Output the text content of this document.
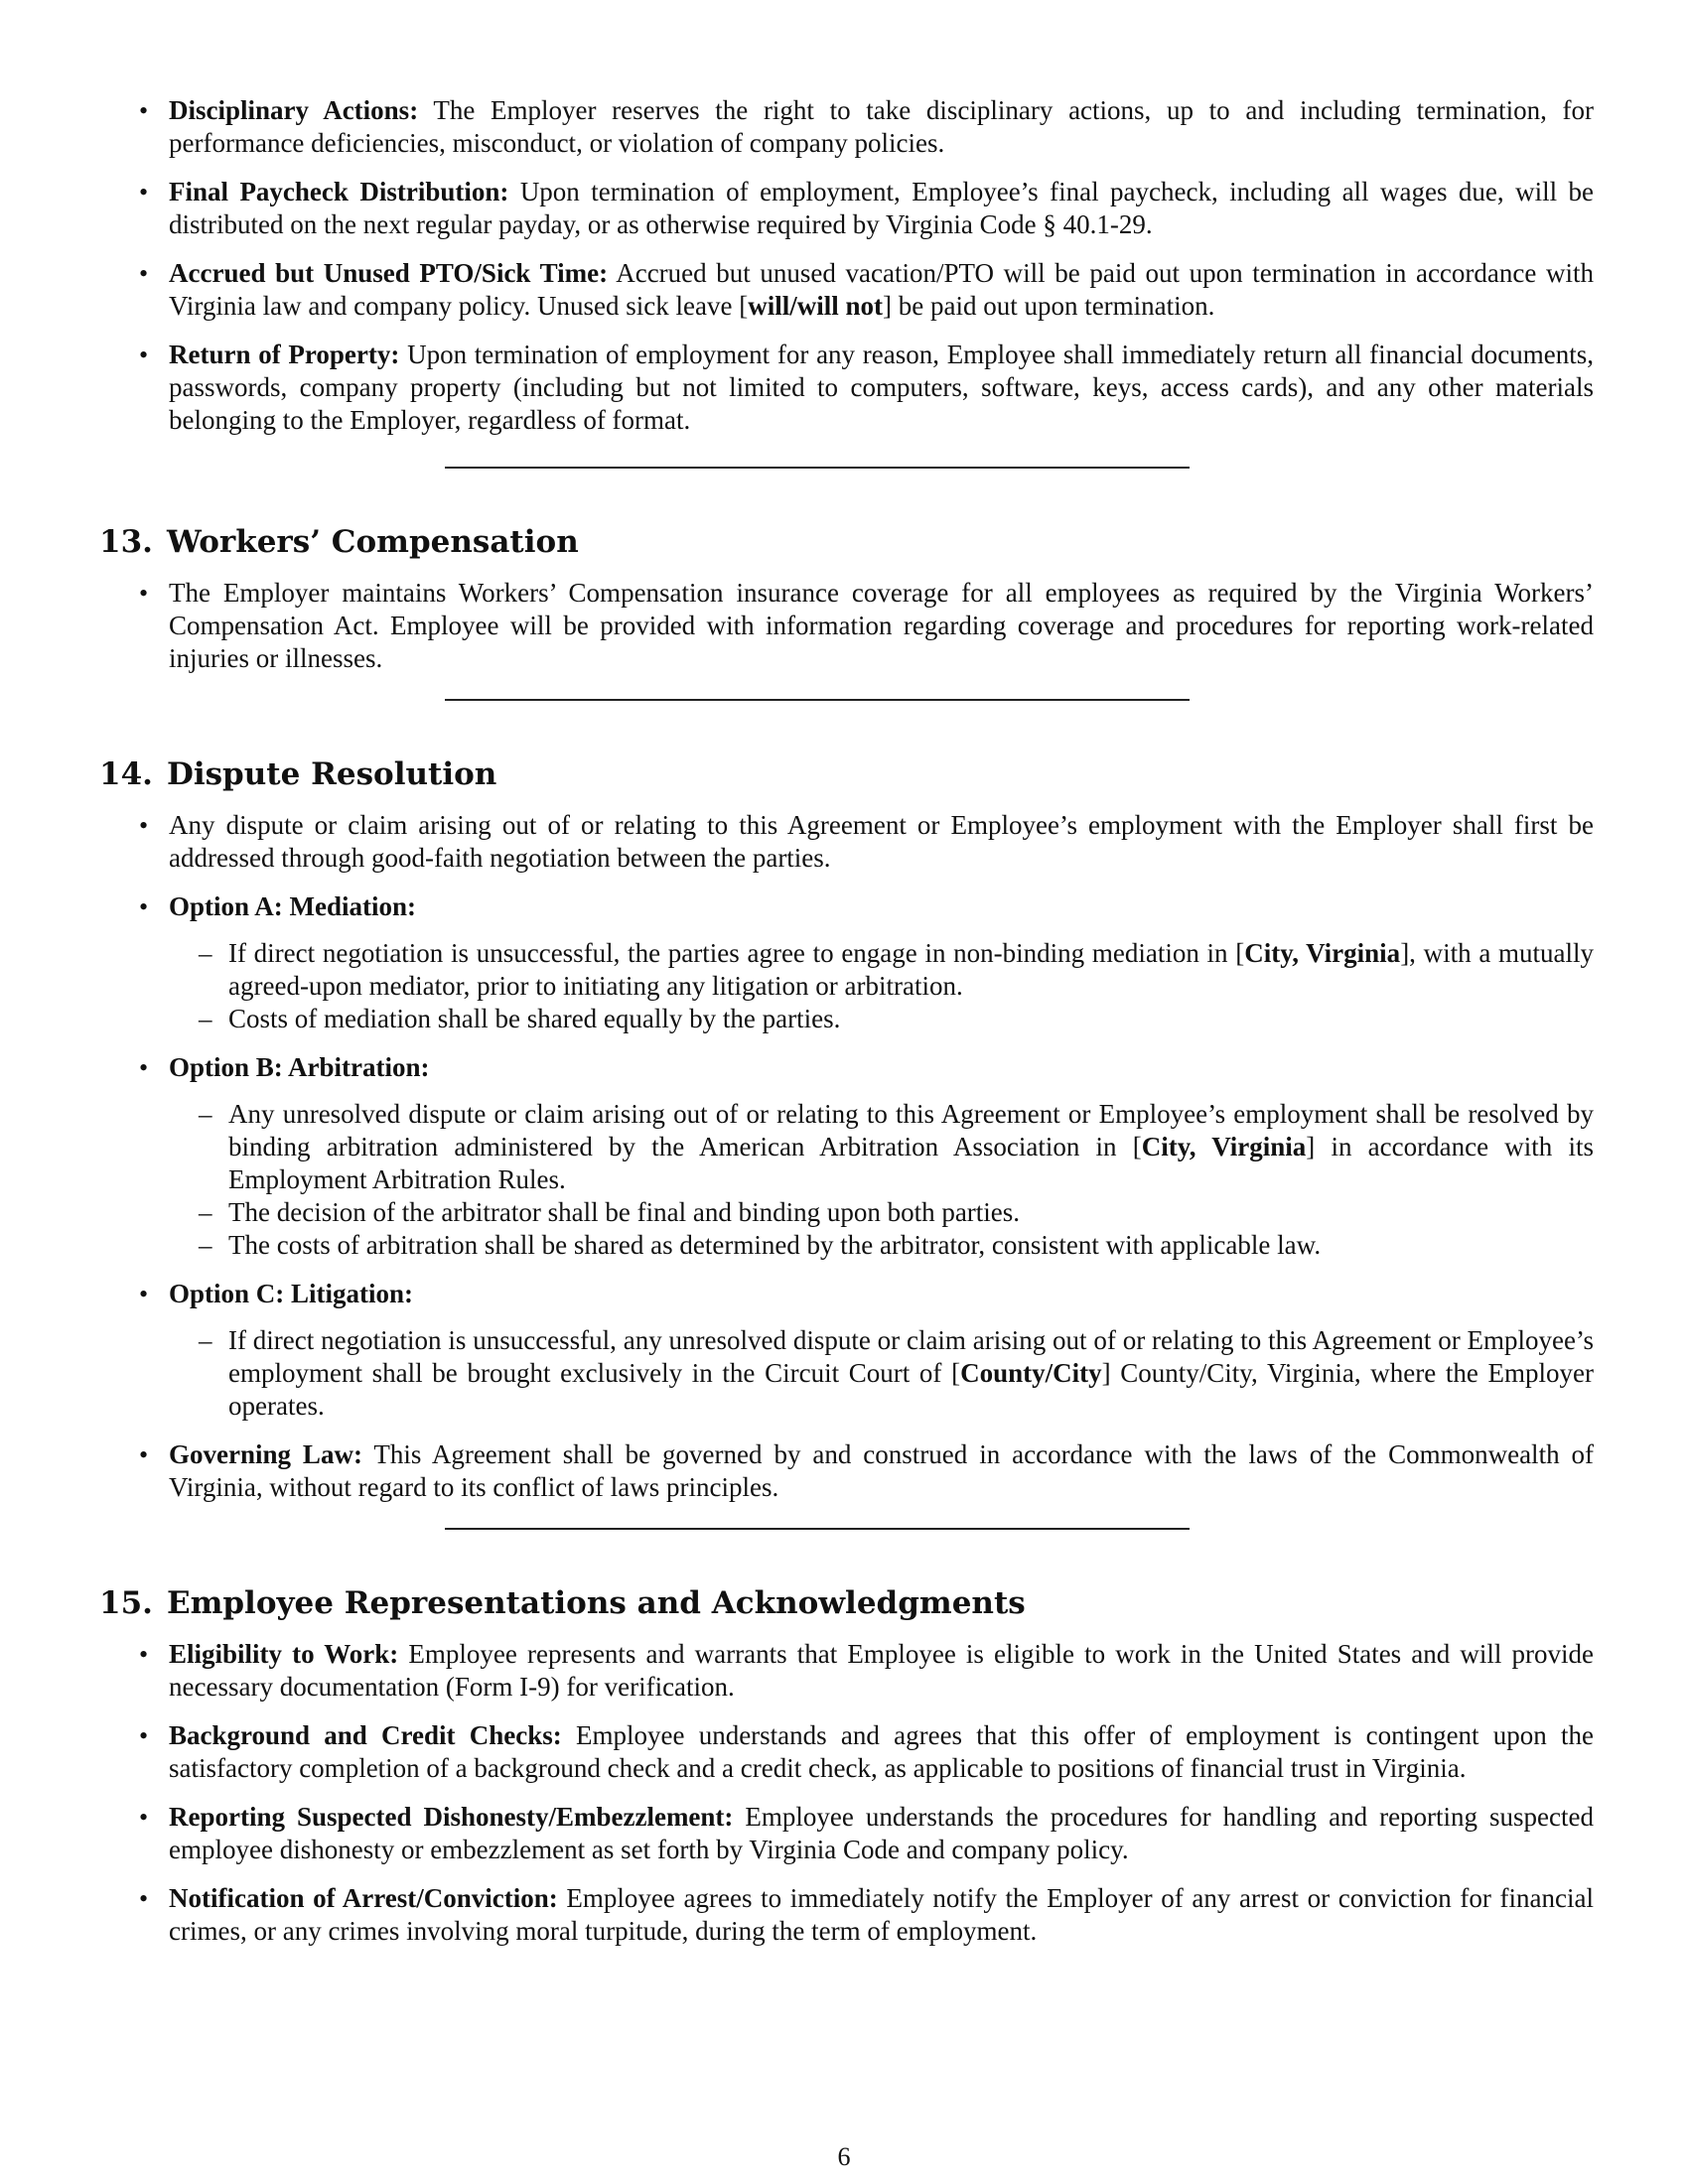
• Disciplinary Actions: The Employer reserves the right to take disciplinary actions, up to and including termination, for performance deficiencies, misconduct, or violation of company policies.
• Final Paycheck Distribution: Upon termination of employment, Employee’s final paycheck, including all wages due, will be distributed on the next regular payday, or as otherwise required by Virginia Code § 40.1-29.
• Accrued but Unused PTO/Sick Time: Accrued but unused vacation/PTO will be paid out upon termination in accordance with Virginia law and company policy. Unused sick leave [will/will not] be paid out upon termination.
• Return of Property: Upon termination of employment for any reason, Employee shall immediately return all financial documents, passwords, company property (including but not limited to computers, software, keys, access cards), and any other materials belonging to the Employer, regardless of format.
13. Workers’ Compensation
• The Employer maintains Workers’ Compensation insurance coverage for all employees as required by the Virginia Workers’ Compensation Act. Employee will be provided with information regarding coverage and procedures for reporting work-related injuries or illnesses.
14. Dispute Resolution
• Any dispute or claim arising out of or relating to this Agreement or Employee’s employment with the Employer shall first be addressed through good-faith negotiation between the parties.
• Option A: Mediation:
– If direct negotiation is unsuccessful, the parties agree to engage in non-binding mediation in [City, Virginia], with a mutually agreed-upon mediator, prior to initiating any litigation or arbitration.
– Costs of mediation shall be shared equally by the parties.
• Option B: Arbitration:
– Any unresolved dispute or claim arising out of or relating to this Agreement or Employee’s employment shall be resolved by binding arbitration administered by the American Arbitration Association in [City, Virginia] in accordance with its Employment Arbitration Rules.
– The decision of the arbitrator shall be final and binding upon both parties.
– The costs of arbitration shall be shared as determined by the arbitrator, consistent with applicable law.
• Option C: Litigation:
– If direct negotiation is unsuccessful, any unresolved dispute or claim arising out of or relating to this Agreement or Employee’s employment shall be brought exclusively in the Circuit Court of [County/City] County/City, Virginia, where the Employer operates.
• Governing Law: This Agreement shall be governed by and construed in accordance with the laws of the Commonwealth of Virginia, without regard to its conflict of laws principles.
15. Employee Representations and Acknowledgments
• Eligibility to Work: Employee represents and warrants that Employee is eligible to work in the United States and will provide necessary documentation (Form I-9) for verification.
• Background and Credit Checks: Employee understands and agrees that this offer of employment is contingent upon the satisfactory completion of a background check and a credit check, as applicable to positions of financial trust in Virginia.
• Reporting Suspected Dishonesty/Embezzlement: Employee understands the procedures for handling and reporting suspected employee dishonesty or embezzlement as set forth by Virginia Code and company policy.
• Notification of Arrest/Conviction: Employee agrees to immediately notify the Employer of any arrest or conviction for financial crimes, or any crimes involving moral turpitude, during the term of employment.
6
